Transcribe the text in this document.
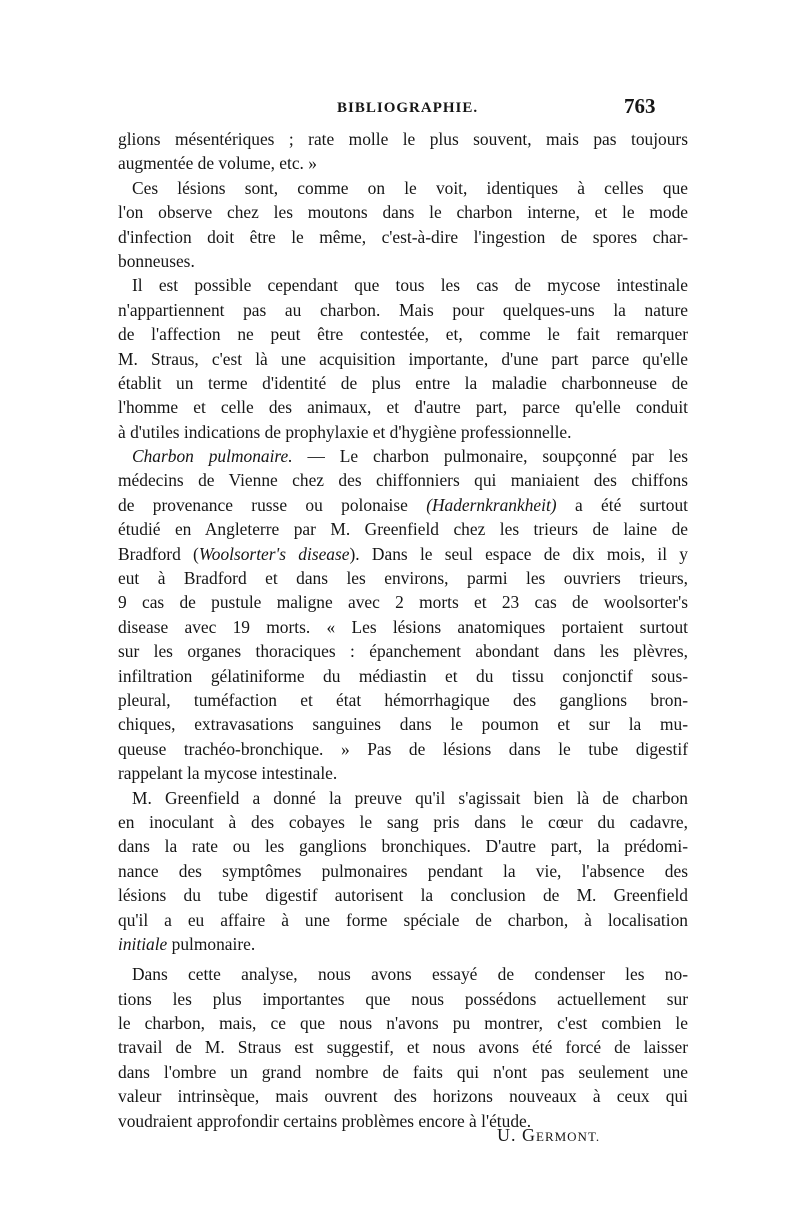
BIBLIOGRAPHIE.	763
glions mésentériques ; rate molle le plus souvent, mais pas toujours
augmentée de volume, etc. »
Ces lésions sont, comme on le voit, identiques à celles que
l'on observe chez les moutons dans le charbon interne, et le mode
d'infection doit être le même, c'est-à-dire l'ingestion de spores char-
bonneuses.
Il est possible cependant que tous les cas de mycose intestinale
n'appartiennent pas au charbon. Mais pour quelques-uns la nature
de l'affection ne peut être contestée, et, comme le fait remarquer
M. Straus, c'est là une acquisition importante, d'une part parce qu'elle
établit un terme d'identité de plus entre la maladie charbonneuse de
l'homme et celle des animaux, et d'autre part, parce qu'elle conduit
à d'utiles indications de prophylaxie et d'hygiène professionnelle.
Charbon pulmonaire. — Le charbon pulmonaire, soupçonné par les
médecins de Vienne chez des chiffonniers qui maniaient des chiffons
de provenance russe ou polonaise (Hadernkrankheit) a été surtout
étudié en Angleterre par M. Greenfield chez les trieurs de laine de
Bradford (Woolsorter's disease). Dans le seul espace de dix mois, il y
eut à Bradford et dans les environs, parmi les ouvriers trieurs,
9 cas de pustule maligne avec 2 morts et 23 cas de woolsorter's
disease avec 19 morts. « Les lésions anatomiques portaient surtout
sur les organes thoraciques : épanchement abondant dans les plèvres,
infiltration gélatiniforme du médiastin et du tissu conjonctif sous-
pleural, tuméfaction et état hémorrhagique des ganglions bron-
chiques, extravasations sanguines dans le poumon et sur la mu-
queuse trachéo-bronchique. » Pas de lésions dans le tube digestif
rappelant la mycose intestinale.
M. Greenfield a donné la preuve qu'il s'agissait bien là de charbon
en inoculant à des cobayes le sang pris dans le cœur du cadavre,
dans la rate ou les ganglions bronchiques. D'autre part, la prédomi-
nance des symptômes pulmonaires pendant la vie, l'absence des
lésions du tube digestif autorisent la conclusion de M. Greenfield
qu'il a eu affaire à une forme spéciale de charbon, à localisation
initiale pulmonaire.
Dans cette analyse, nous avons essayé de condenser les no-
tions les plus importantes que nous possédons actuellement sur
le charbon, mais, ce que nous n'avons pu montrer, c'est combien le
travail de M. Straus est suggestif, et nous avons été forcé de laisser
dans l'ombre un grand nombre de faits qui n'ont pas seulement une
valeur intrinsèque, mais ouvrent des horizons nouveaux à ceux qui
voudraient approfondir certains problèmes encore à l'étude.
U. GERMONT.
